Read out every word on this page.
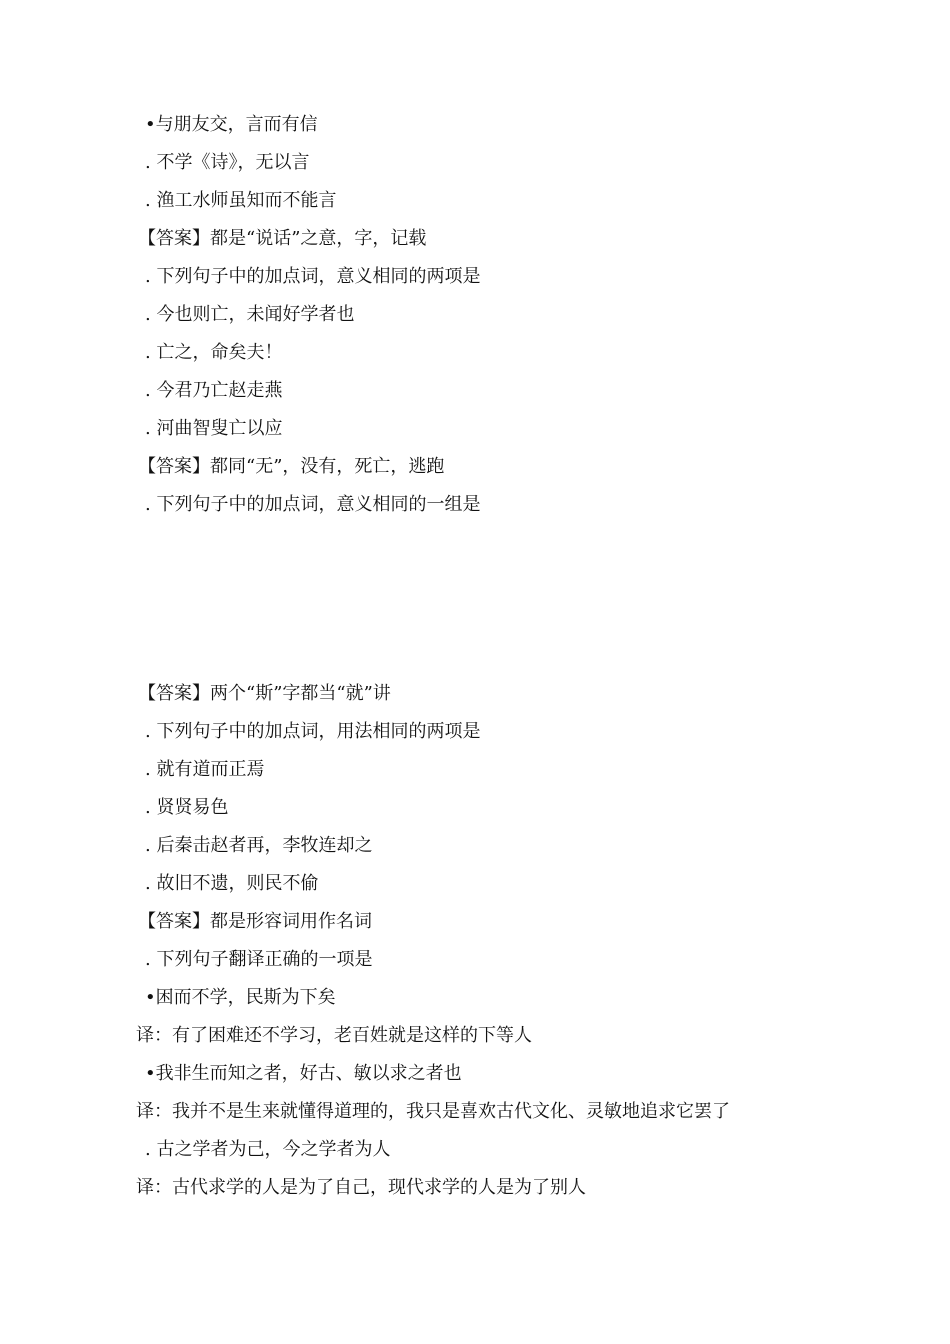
•与朋友交，言而有信
. 不学《诗》，无以言
. 渔工水师虽知而不能言
【答案】都是“说话”之意，字，记载
. 下列句子中的加点词，意义相同的两项是
. 今也则亡，未闻好学者也
. 亡之，命矣夫！
. 今君乃亡赵走燕
. 河曲智叟亡以应
【答案】都同“无”，没有，死亡，逃跑
. 下列句子中的加点词，意义相同的一组是
【答案】两个“斯”字都当“就”讲
. 下列句子中的加点词，用法相同的两项是
. 就有道而正焉
. 贤贤易色
. 后秦击赵者再，李牧连却之
. 故旧不遗，则民不偷
【答案】都是形容词用作名词
. 下列句子翻译正确的一项是
•困而不学，民斯为下矣
译：有了困难还不学习，老百姓就是这样的下等人
•我非生而知之者，好古、敏以求之者也
译：我并不是生来就懂得道理的，我只是喜欢古代文化、灵敏地追求它罢了
. 古之学者为己，今之学者为人
译：古代求学的人是为了自己，现代求学的人是为了别人
